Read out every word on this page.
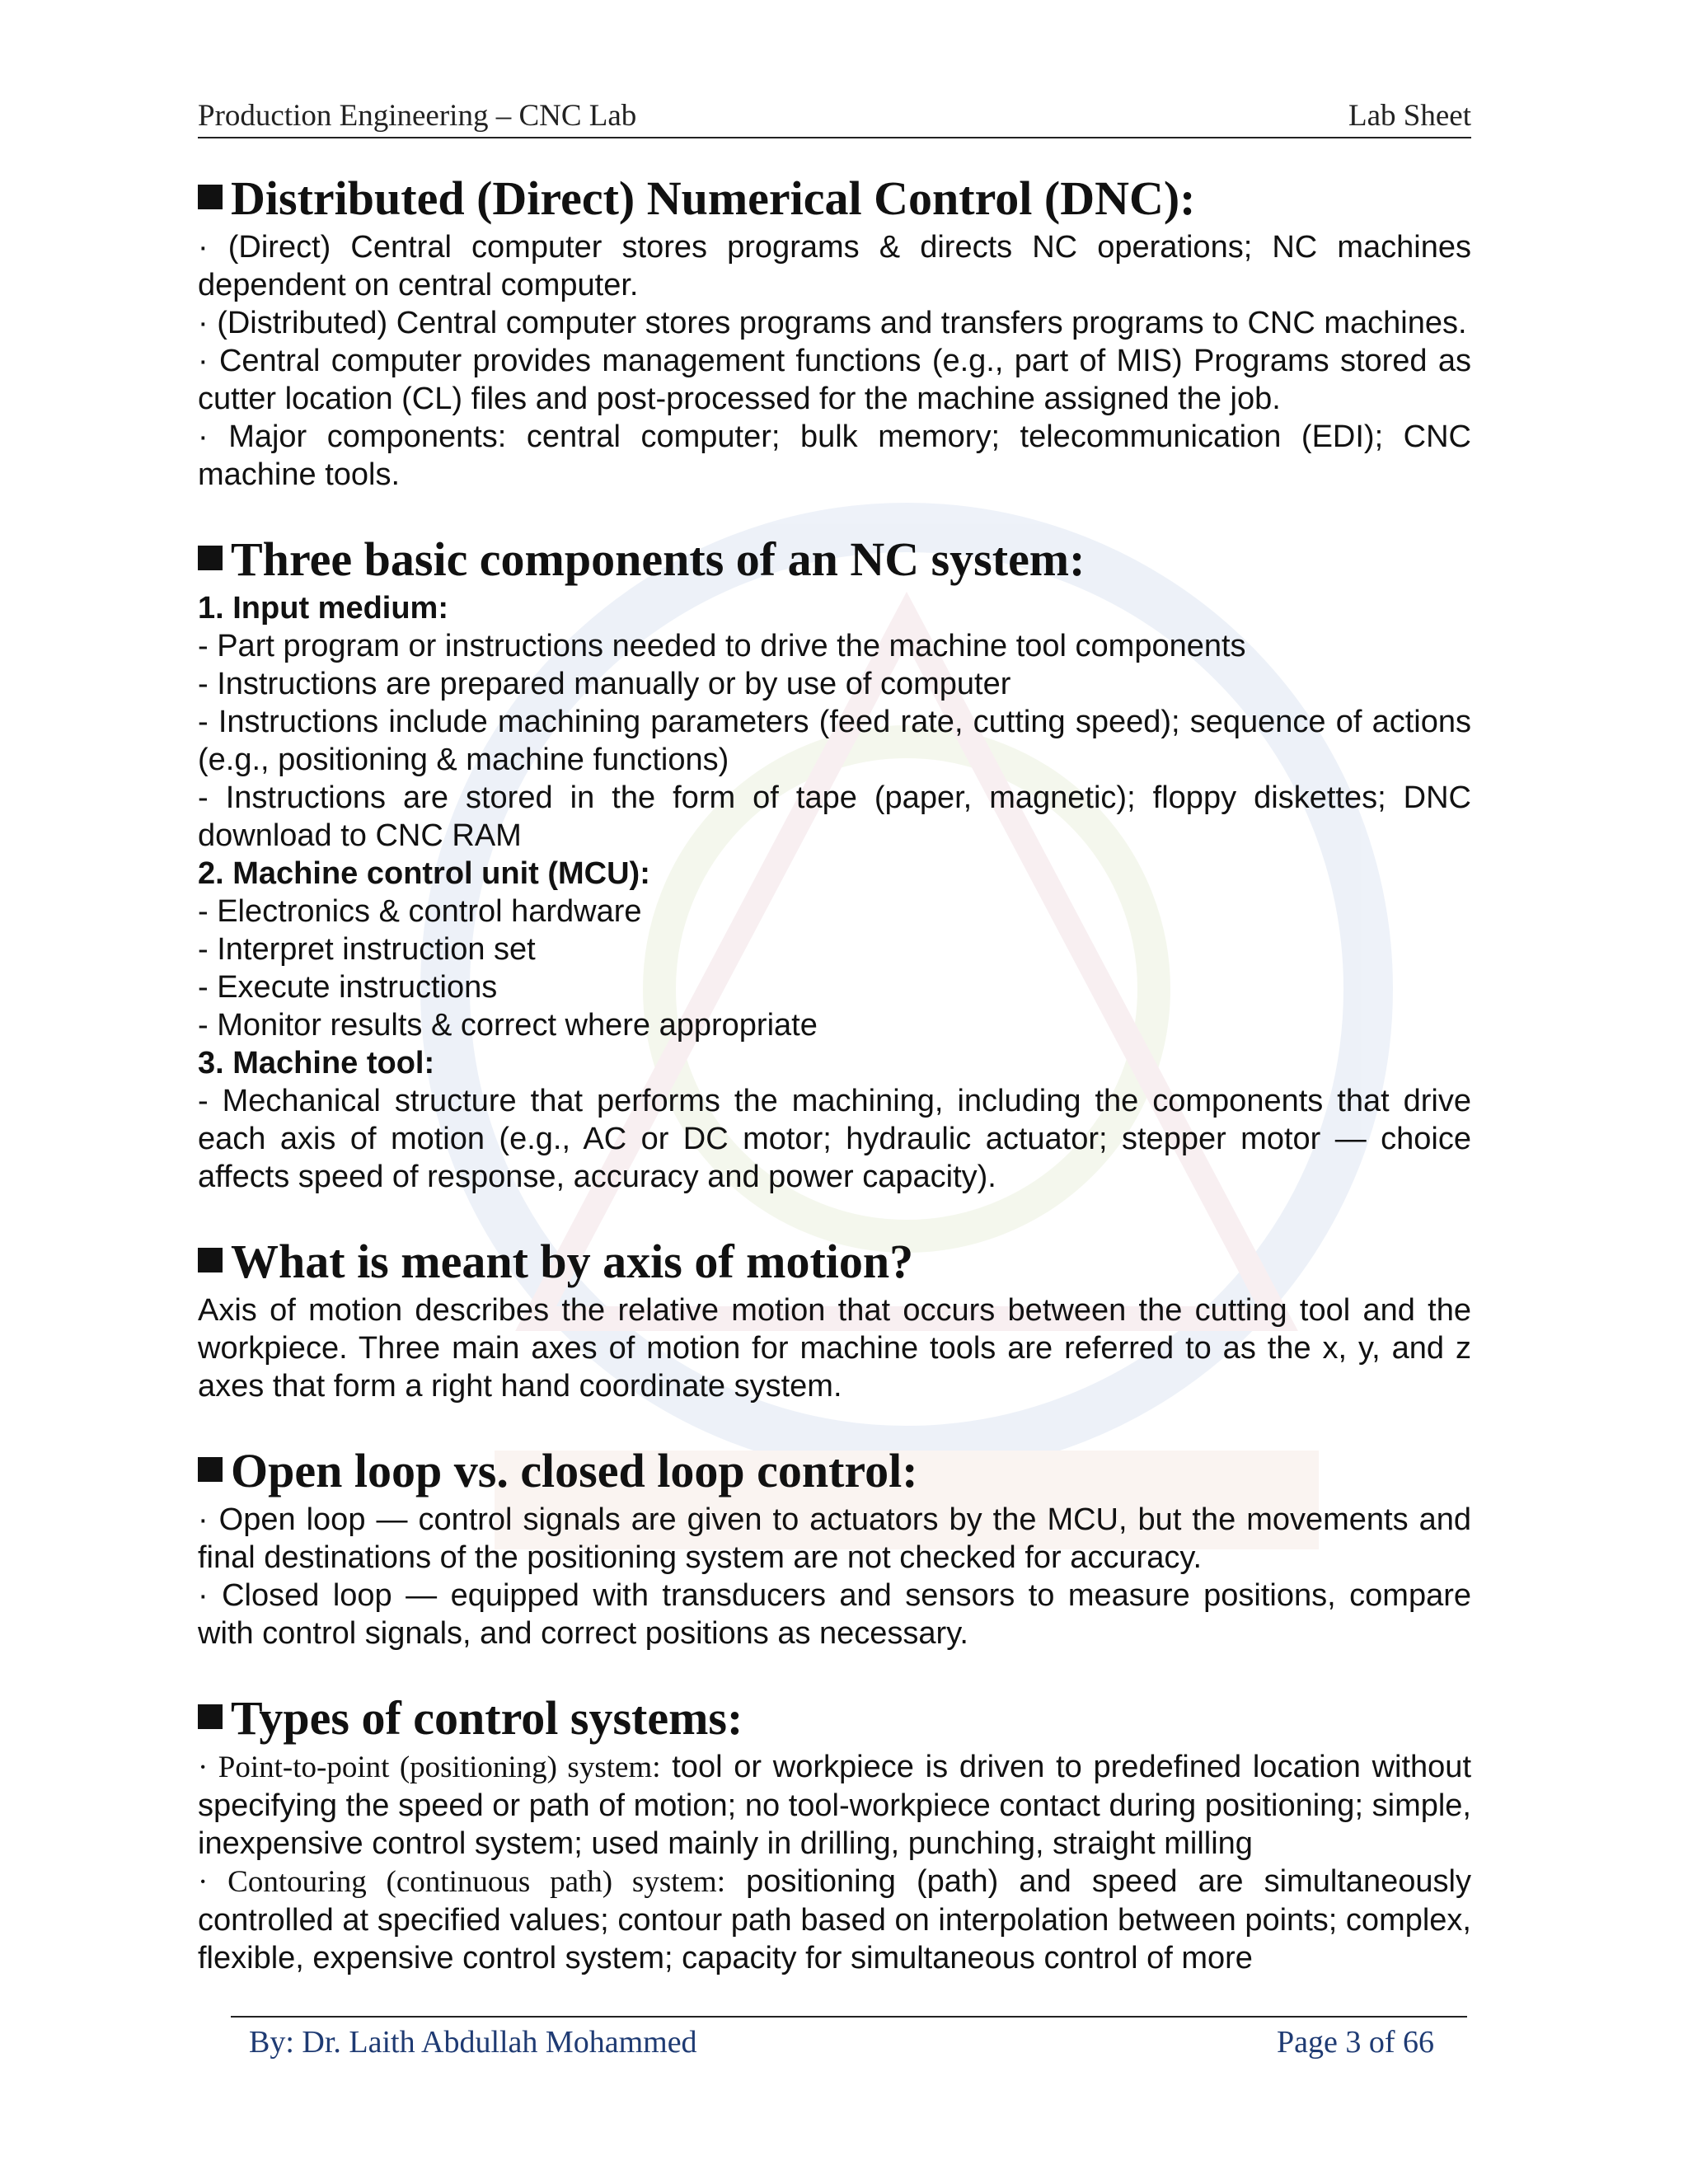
Production Engineering – CNC Lab	Lab Sheet
Distributed (Direct) Numerical Control (DNC):

· (Direct) Central computer stores programs & directs NC operations; NC machines dependent on central computer.

· (Distributed) Central computer stores programs and transfers programs to CNC machines.

· Central computer provides management functions (e.g., part of MIS) Programs stored as cutter location (CL) files and post-processed for the machine assigned the job.

· Major components: central computer; bulk memory; telecommunication (EDI); CNC machine tools.

Three basic components of an NC system:

1. Input medium:

- Part program or instructions needed to drive the machine tool components

- Instructions are prepared manually or by use of computer

- Instructions include machining parameters (feed rate, cutting speed); sequence of actions (e.g., positioning & machine functions)

- Instructions are stored in the form of tape (paper, magnetic); floppy diskettes; DNC download to CNC RAM

2. Machine control unit (MCU):

- Electronics & control hardware

- Interpret instruction set

- Execute instructions

- Monitor results & correct where appropriate

3. Machine tool:

- Mechanical structure that performs the machining, including the components that drive each axis of motion (e.g., AC or DC motor; hydraulic actuator; stepper motor — choice affects speed of response, accuracy and power capacity).

What is meant by axis of motion?

Axis of motion describes the relative motion that occurs between the cutting tool and the workpiece. Three main axes of motion for machine tools are referred to as the x, y, and z axes that form a right hand coordinate system.

Open loop vs. closed loop control:

· Open loop — control signals are given to actuators by the MCU, but the movements and final destinations of the positioning system are not checked for accuracy.

· Closed loop — equipped with transducers and sensors to measure positions, compare with control signals, and correct positions as necessary.

Types of control systems:

· Point-to-point (positioning) system: tool or workpiece is driven to predefined location without specifying the speed or path of motion; no tool-workpiece contact during positioning; simple, inexpensive control system; used mainly in drilling, punching, straight milling

· Contouring (continuous path) system: positioning (path) and speed are simultaneously controlled at specified values; contour path based on interpolation between points; complex, flexible, expensive control system; capacity for simultaneous control of more

By: Dr. Laith Abdullah Mohammed	Page 3 of 66
